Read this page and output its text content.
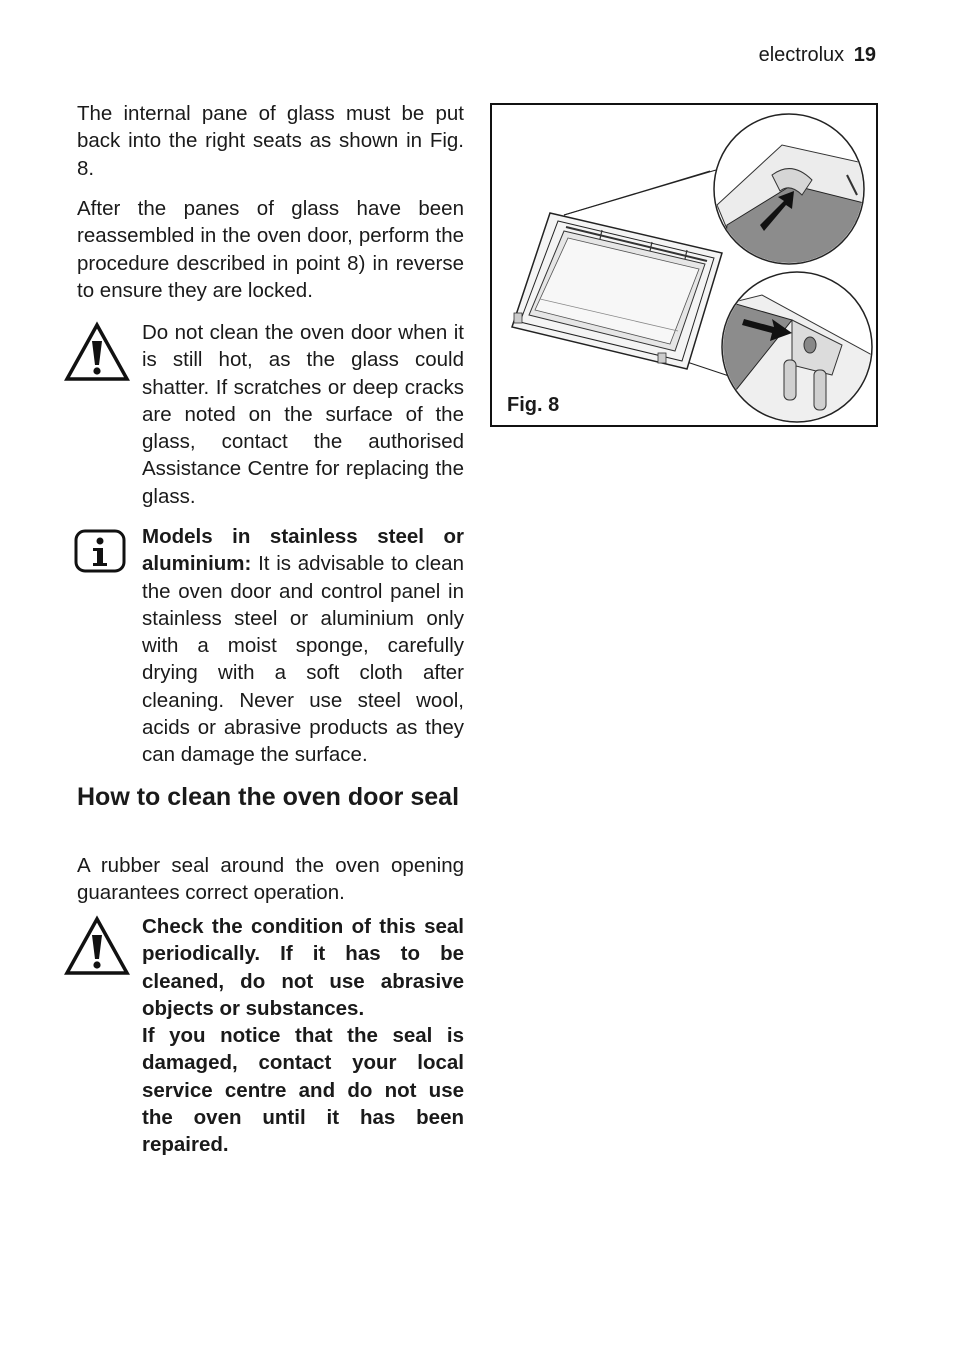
electrolux 19

The internal pane of glass must be put back into the right seats as shown in Fig. 8.

After the panes of glass have been reassembled in the oven door, perform the procedure described in point 8) in reverse to ensure they are locked.

Do not clean the oven door when it is still hot, as the glass could shatter. If scratches or deep cracks are noted on the surface of the glass, contact the authorised Assistance Centre for replacing the glass.

Models in stainless steel or aluminium: It is advisable to clean the oven door and control panel in stainless steel or aluminium only with a moist sponge, carefully drying with a soft cloth after cleaning. Never use steel wool, acids or abrasive products as they can damage the surface.

How to clean the oven door seal

A rubber seal around the oven opening guarantees correct operation.

Check the condition of this seal periodically. If it has to be cleaned, do not use abrasive objects or substances.

If you notice that the seal is damaged, contact your local service centre and do not use the oven until it has been repaired.

Fig. 8
